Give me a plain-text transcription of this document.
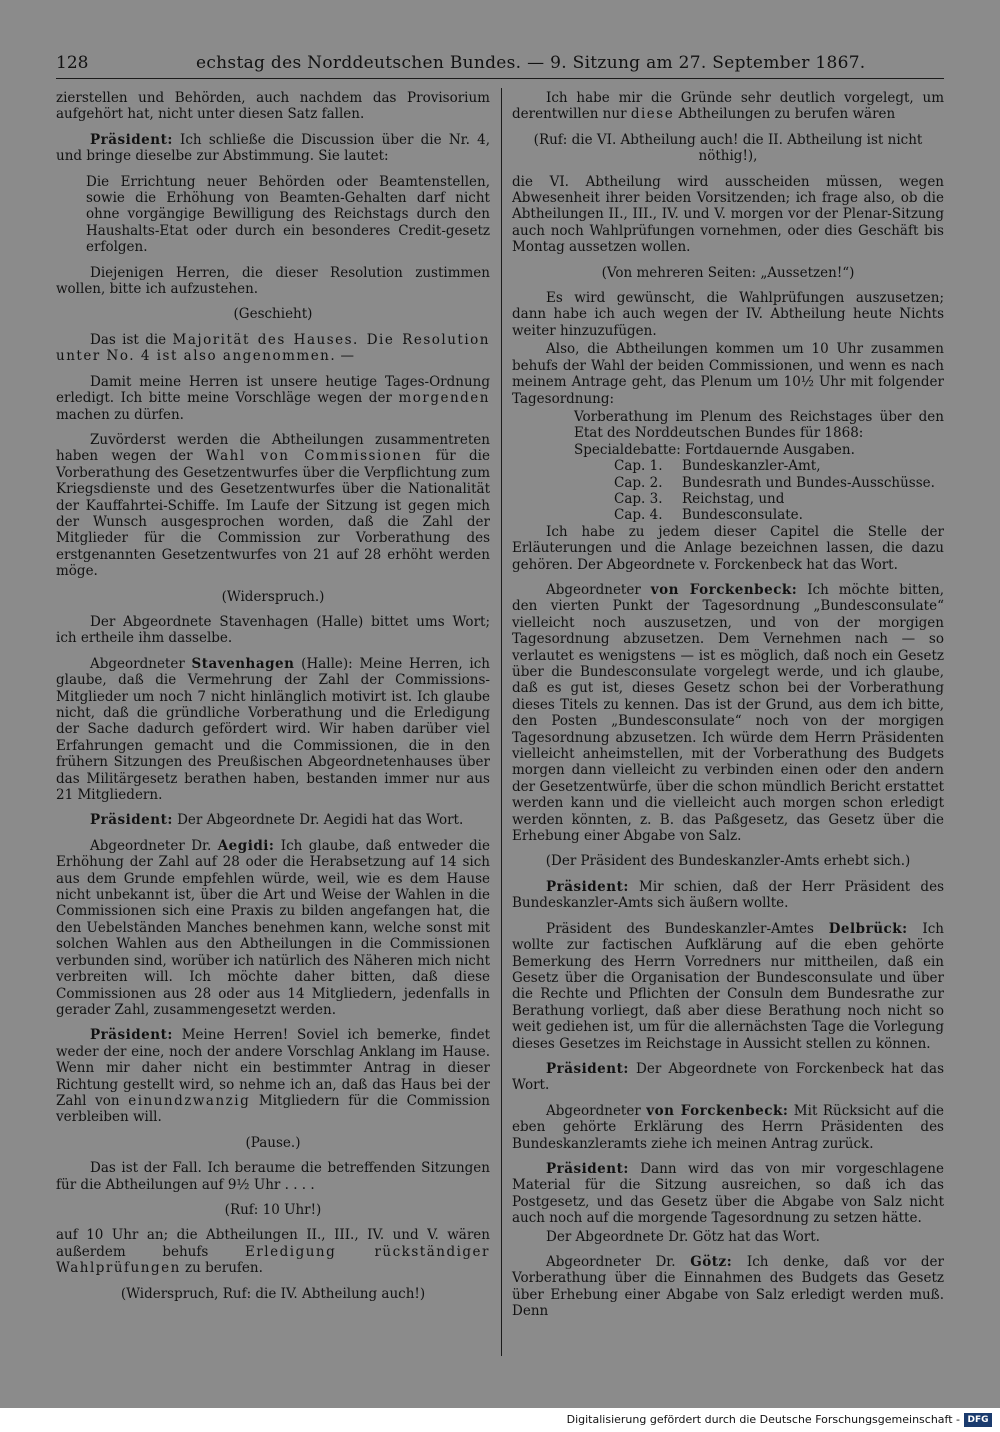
128	echstag des Norddeutschen Bundes. — 9. Sitzung am 27. September 1867.

zierstellen und Behörden, auch nachdem das Provisorium aufgehört hat, nicht unter diesen Satz fallen.

Präsident: Ich schließe die Discussion über die Nr. 4, und bringe dieselbe zur Abstimmung. Sie lautet:

Die Errichtung neuer Behörden oder Beamtenstellen, sowie die Erhöhung von Beamten-Gehalten darf nicht ohne vorgängige Bewilligung des Reichstags durch den Haushalts-Etat oder durch ein besonderes Credit-gesetz erfolgen.

Diejenigen Herren, die dieser Resolution zustimmen wollen, bitte ich aufzustehen.

(Geschieht)

Das ist die Majorität des Hauses. Die Resolution unter No. 4 ist also angenommen. —

Damit meine Herren ist unsere heutige Tages-Ordnung erledigt. Ich bitte meine Vorschläge wegen der morgenden machen zu dürfen.

Zuvörderst werden die Abtheilungen zusammentreten haben wegen der Wahl von Commissionen für die Vorberathung des Gesetzentwurfes über die Verpflichtung zum Kriegsdienste und des Gesetzentwurfes über die Nationalität der Kauffahrtei-Schiffe. Im Laufe der Sitzung ist gegen mich der Wunsch ausgesprochen worden, daß die Zahl der Mitglieder für die Commission zur Vorberathung des erstgenannten Gesetzentwurfes von 21 auf 28 erhöht werden möge.

(Widerspruch.)

Der Abgeordnete Stavenhagen (Halle) bittet ums Wort; ich ertheile ihm dasselbe.

Abgeordneter Stavenhagen (Halle): Meine Herren, ich glaube, daß die Vermehrung der Zahl der Commissions-Mitglieder um noch 7 nicht hinlänglich motivirt ist. Ich glaube nicht, daß die gründliche Vorberathung und die Erledigung der Sache dadurch gefördert wird. Wir haben darüber viel Erfahrungen gemacht und die Commissionen, die in den frühern Sitzungen des Preußischen Abgeordnetenhauses über das Militärgesetz berathen haben, bestanden immer nur aus 21 Mitgliedern.

Präsident: Der Abgeordnete Dr. Aegidi hat das Wort.

Abgeordneter Dr. Aegidi: Ich glaube, daß entweder die Erhöhung der Zahl auf 28 oder die Herabsetzung auf 14 sich aus dem Grunde empfehlen würde, weil, wie es dem Hause nicht unbekannt ist, über die Art und Weise der Wahlen in die Commissionen sich eine Praxis zu bilden angefangen hat, die den Uebelständen Manches benehmen kann, welche sonst mit solchen Wahlen aus den Abtheilungen in die Commissionen verbunden sind, worüber ich natürlich des Näheren mich nicht verbreiten will. Ich möchte daher bitten, daß diese Commissionen aus 28 oder aus 14 Mitgliedern, jedenfalls in gerader Zahl, zusammengesetzt werden.

Präsident: Meine Herren! Soviel ich bemerke, findet weder der eine, noch der andere Vorschlag Anklang im Hause. Wenn mir daher nicht ein bestimmter Antrag in dieser Richtung gestellt wird, so nehme ich an, daß das Haus bei der Zahl von einundzwanzig Mitgliedern für die Commission verbleiben will.

(Pause.)

Das ist der Fall. Ich beraume die betreffenden Sitzungen für die Abtheilungen auf 9½ Uhr . . . .

(Ruf: 10 Uhr!)

auf 10 Uhr an; die Abtheilungen II., III., IV. und V. wären außerdem behufs Erledigung rückständiger Wahlprüfungen zu berufen.

(Widerspruch, Ruf: die IV. Abtheilung auch!)

Ich habe mir die Gründe sehr deutlich vorgelegt, um derentwillen nur diese Abtheilungen zu berufen wären

(Ruf: die VI. Abtheilung auch! die II. Abtheilung ist nicht nöthig!),

die VI. Abtheilung wird ausscheiden müssen, wegen Abwesenheit ihrer beiden Vorsitzenden; ich frage also, ob die Abtheilungen II., III., IV. und V. morgen vor der Plenar-Sitzung auch noch Wahlprüfungen vornehmen, oder dies Geschäft bis Montag aussetzen wollen.

(Von mehreren Seiten: „Aussetzen!“)

Es wird gewünscht, die Wahlprüfungen auszusetzen; dann habe ich auch wegen der IV. Abtheilung heute Nichts weiter hinzuzufügen.

Also, die Abtheilungen kommen um 10 Uhr zusammen behufs der Wahl der beiden Commissionen, und wenn es nach meinem Antrage geht, das Plenum um 10½ Uhr mit folgender Tagesordnung:

Vorberathung im Plenum des Reichstages über den Etat des Norddeutschen Bundes für 1868:
Specialdebatte: Fortdauernde Ausgaben.
Cap. 1. Bundeskanzler-Amt,
Cap. 2. Bundesrath und Bundes-Ausschüsse.
Cap. 3. Reichstag, und
Cap. 4. Bundesconsulate.

Ich habe zu jedem dieser Capitel die Stelle der Erläuterungen und die Anlage bezeichnen lassen, die dazu gehören. Der Abgeordnete v. Forckenbeck hat das Wort.

Abgeordneter von Forckenbeck: Ich möchte bitten, den vierten Punkt der Tagesordnung „Bundesconsulate“ vielleicht noch auszusetzen, und von der morgigen Tagesordnung abzusetzen. Dem Vernehmen nach — so verlautet es wenigstens — ist es möglich, daß noch ein Gesetz über die Bundesconsulate vorgelegt werde, und ich glaube, daß es gut ist, dieses Gesetz schon bei der Vorberathung dieses Titels zu kennen. Das ist der Grund, aus dem ich bitte, den Posten „Bundesconsulate“ noch von der morgigen Tagesordnung abzusetzen. Ich würde dem Herrn Präsidenten vielleicht anheimstellen, mit der Vorberathung des Budgets morgen dann vielleicht zu verbinden einen oder den andern der Gesetzentwürfe, über die schon mündlich Bericht erstattet werden kann und die vielleicht auch morgen schon erledigt werden könnten, z. B. das Paßgesetz, das Gesetz über die Erhebung einer Abgabe von Salz.

(Der Präsident des Bundeskanzler-Amts erhebt sich.)

Präsident: Mir schien, daß der Herr Präsident des Bundeskanzler-Amts sich äußern wollte.

Präsident des Bundeskanzler-Amtes Delbrück: Ich wollte zur factischen Aufklärung auf die eben gehörte Bemerkung des Herrn Vorredners nur mittheilen, daß ein Gesetz über die Organisation der Bundesconsulate und über die Rechte und Pflichten der Consuln dem Bundesrathe zur Berathung vorliegt, daß aber diese Berathung noch nicht so weit gediehen ist, um für die allernächsten Tage die Vorlegung dieses Gesetzes im Reichstage in Aussicht stellen zu können.

Präsident: Der Abgeordnete von Forckenbeck hat das Wort.

Abgeordneter von Forckenbeck: Mit Rücksicht auf die eben gehörte Erklärung des Herrn Präsidenten des Bundeskanzleramts ziehe ich meinen Antrag zurück.

Präsident: Dann wird das von mir vorgeschlagene Material für die Sitzung ausreichen, so daß ich das Postgesetz, und das Gesetz über die Abgabe von Salz nicht auch noch auf die morgende Tagesordnung zu setzen hätte.

Der Abgeordnete Dr. Götz hat das Wort.

Abgeordneter Dr. Götz: Ich denke, daß vor der Vorberathung über die Einnahmen des Budgets das Gesetz über Erhebung einer Abgabe von Salz erledigt werden muß. Denn

Digitalisierung gefördert durch die Deutsche Forschungsgemeinschaft - DFG
